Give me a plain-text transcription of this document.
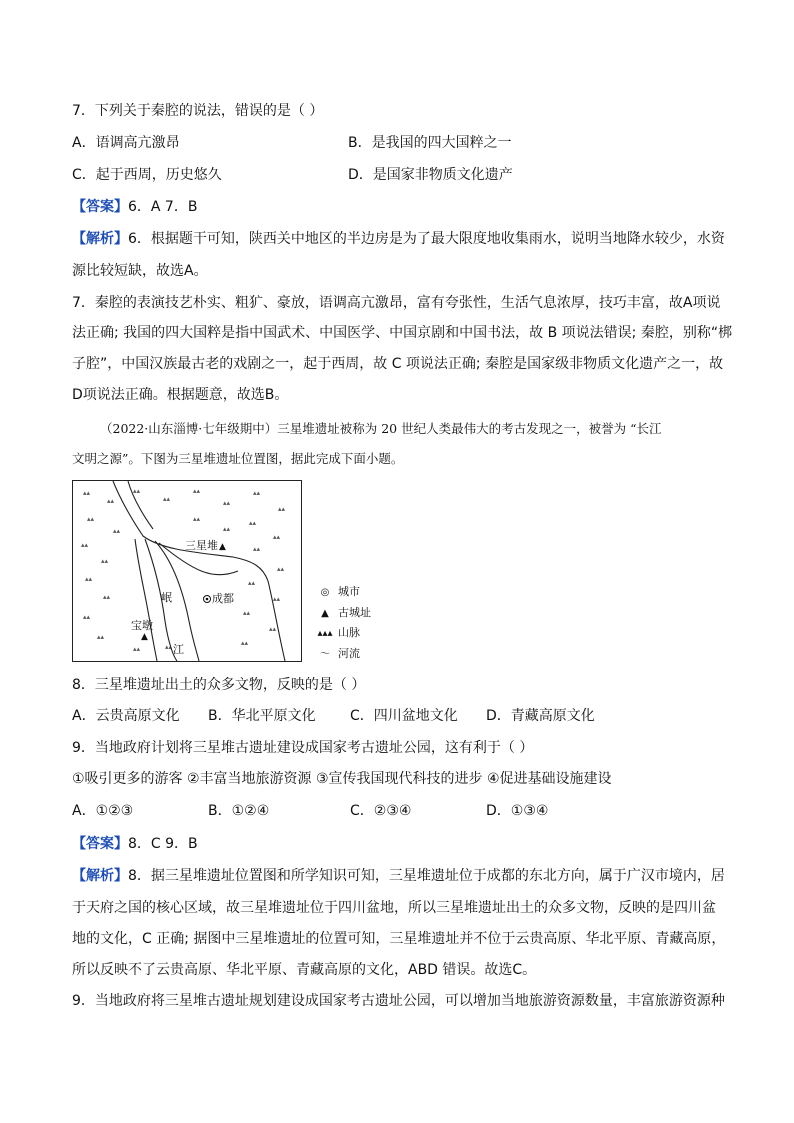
7．下列关于秦腔的说法，错误的是（ ）
A．语调高亢激昂	B．是我国的四大国粹之一
C．起于西周，历史悠久	D．是国家非物质文化遗产
【答案】6．A 7．B
【解析】6．根据题干可知，陕西关中地区的半边房是为了最大限度地收集雨水，说明当地降水较少，水资
源比较短缺，故选A。
7．秦腔的表演技艺朴实、粗犷、豪放，语调高亢激昂，富有夸张性，生活气息浓厚，技巧丰富，故A项说
法正确; 我国的四大国粹是指中国武术、中国医学、中国京剧和中国书法，故 B 项说法错误; 秦腔，别称“梆
子腔”，中国汉族最古老的戏剧之一，起于西周，故 C 项说法正确; 秦腔是国家级非物质文化遗产之一，故
D项说法正确。根据题意，故选B。
（2022·山东淄博·七年级期中）三星堆遗址被称为 20 世纪人类最伟大的考古发现之一，被誉为 “长江
文明之源”。下图为三星堆遗址位置图，据此完成下面小题。
▴▴
▴▴
▴▴
▴▴
▴▴
▴▴
▴▴
▴▴
▴▴
▴▴
▴▴
▴▴
▴▴
▴▴
▴▴
▴▴
▴▴
▴▴
▴▴
▴▴
▴▴
▴▴
▴▴
▴▴
▴▴
▴▴
▴▴
▴▴
▴▴
三星堆 ▲
成都
岷
江
宝墩
▲
◎ 城市
▲ 古城址
▴▴▴ 山脉
〜 河流
8．三星堆遗址出土的众多文物，反映的是（ ）
A．云贵高原文化 B．华北平原文化 C．四川盆地文化 D．青藏高原文化
9．当地政府计划将三星堆古遗址建设成国家考古遗址公园，这有利于（ ）
①吸引更多的游客 ②丰富当地旅游资源 ③宣传我国现代科技的进步 ④促进基础设施建设
A．①②③	B．①②④	C．②③④	D．①③④
【答案】8．C 9．B
【解析】8．据三星堆遗址位置图和所学知识可知，三星堆遗址位于成都的东北方向，属于广汉市境内，居
于天府之国的核心区域，故三星堆遗址位于四川盆地，所以三星堆遗址出土的众多文物，反映的是四川盆
地的文化，C 正确; 据图中三星堆遗址的位置可知，三星堆遗址并不位于云贵高原、华北平原、青藏高原，
所以反映不了云贵高原、华北平原、青藏高原的文化，ABD 错误。故选C。
9．当地政府将三星堆古遗址规划建设成国家考古遗址公园，可以增加当地旅游资源数量，丰富旅游资源种
